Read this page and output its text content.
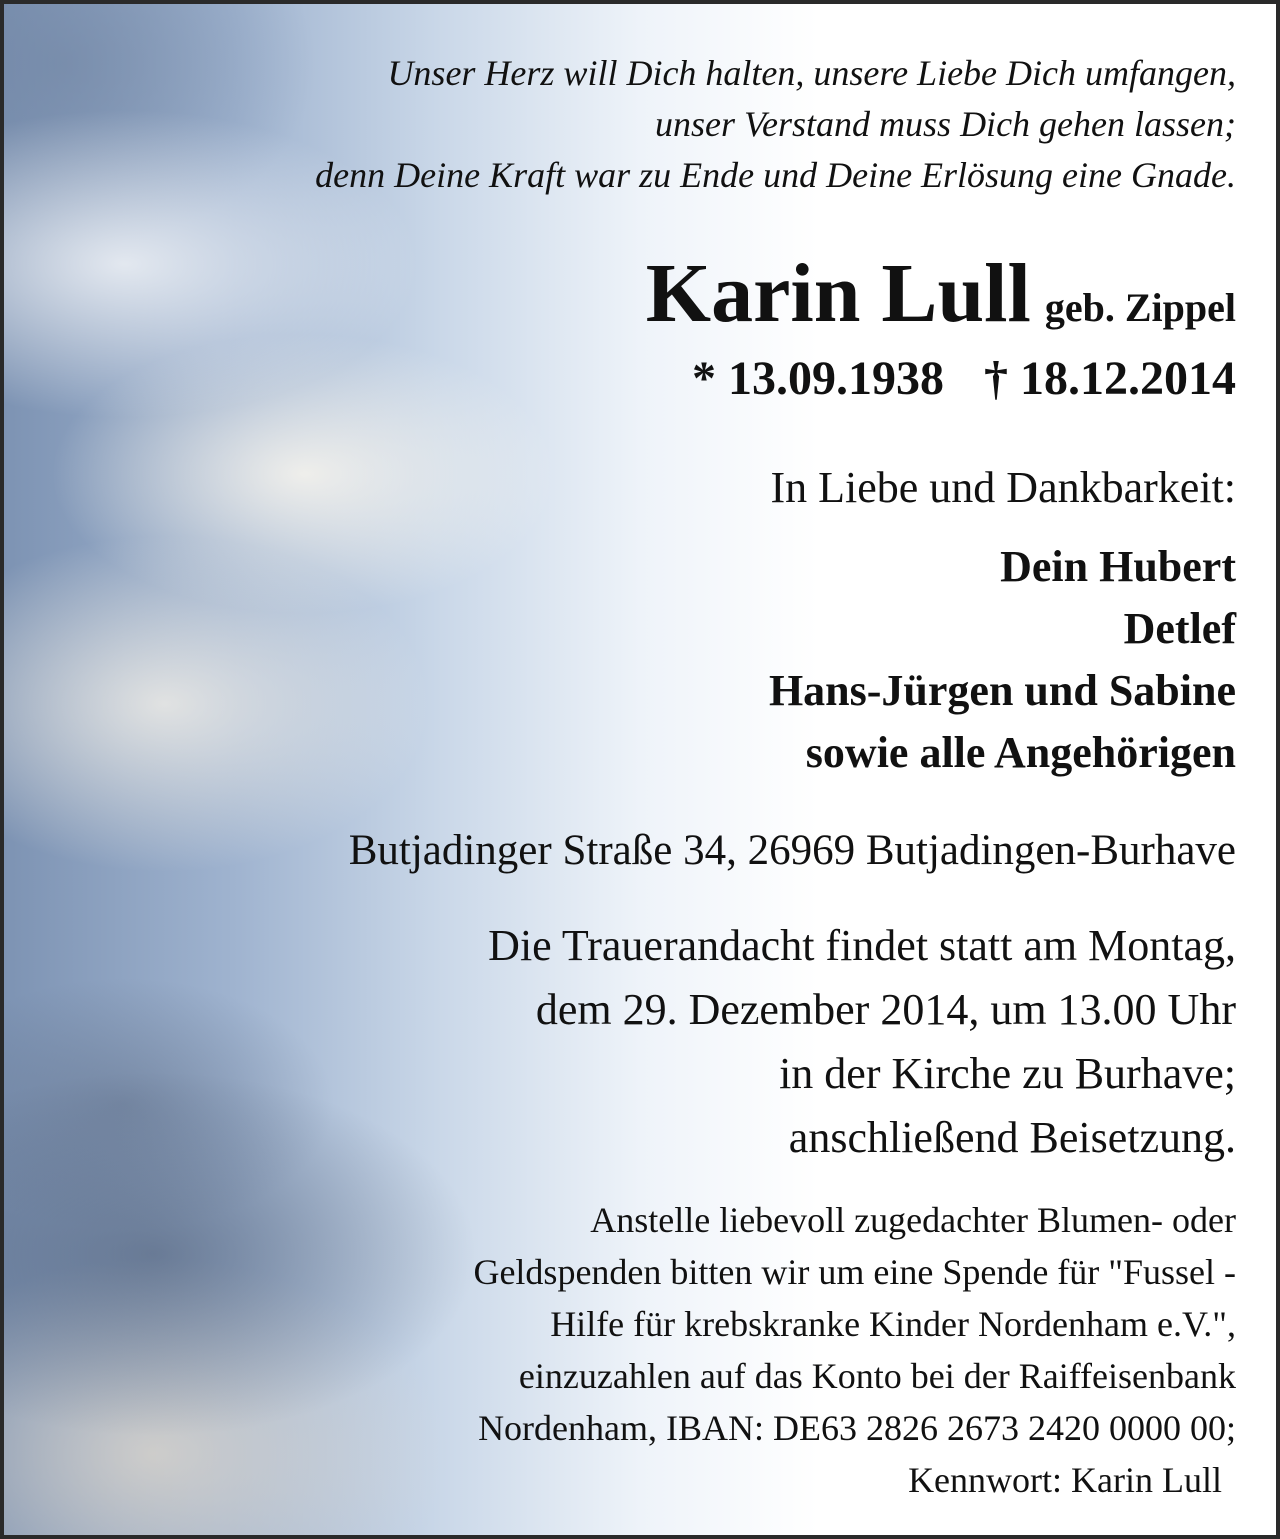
Unser Herz will Dich halten, unsere Liebe Dich umfangen,
unser Verstand muss Dich gehen lassen;
denn Deine Kraft war zu Ende und Deine Erlösung eine Gnade.
Karin Lull geb. Zippel
* 13.09.1938 † 18.12.2014
In Liebe und Dankbarkeit:
Dein Hubert
Detlef
Hans-Jürgen und Sabine
sowie alle Angehörigen
Butjadinger Straße 34, 26969 Butjadingen-Burhave
Die Trauerandacht findet statt am Montag,
dem 29. Dezember 2014, um 13.00 Uhr
in der Kirche zu Burhave;
anschließend Beisetzung.
Anstelle liebevoll zugedachter Blumen- oder
Geldspenden bitten wir um eine Spende für "Fussel -
Hilfe für krebskranke Kinder Nordenham e.V.",
einzuzahlen auf das Konto bei der Raiffeisenbank
Nordenham, IBAN: DE63 2826 2673 2420 0000 00;
Kennwort: Karin Lull
